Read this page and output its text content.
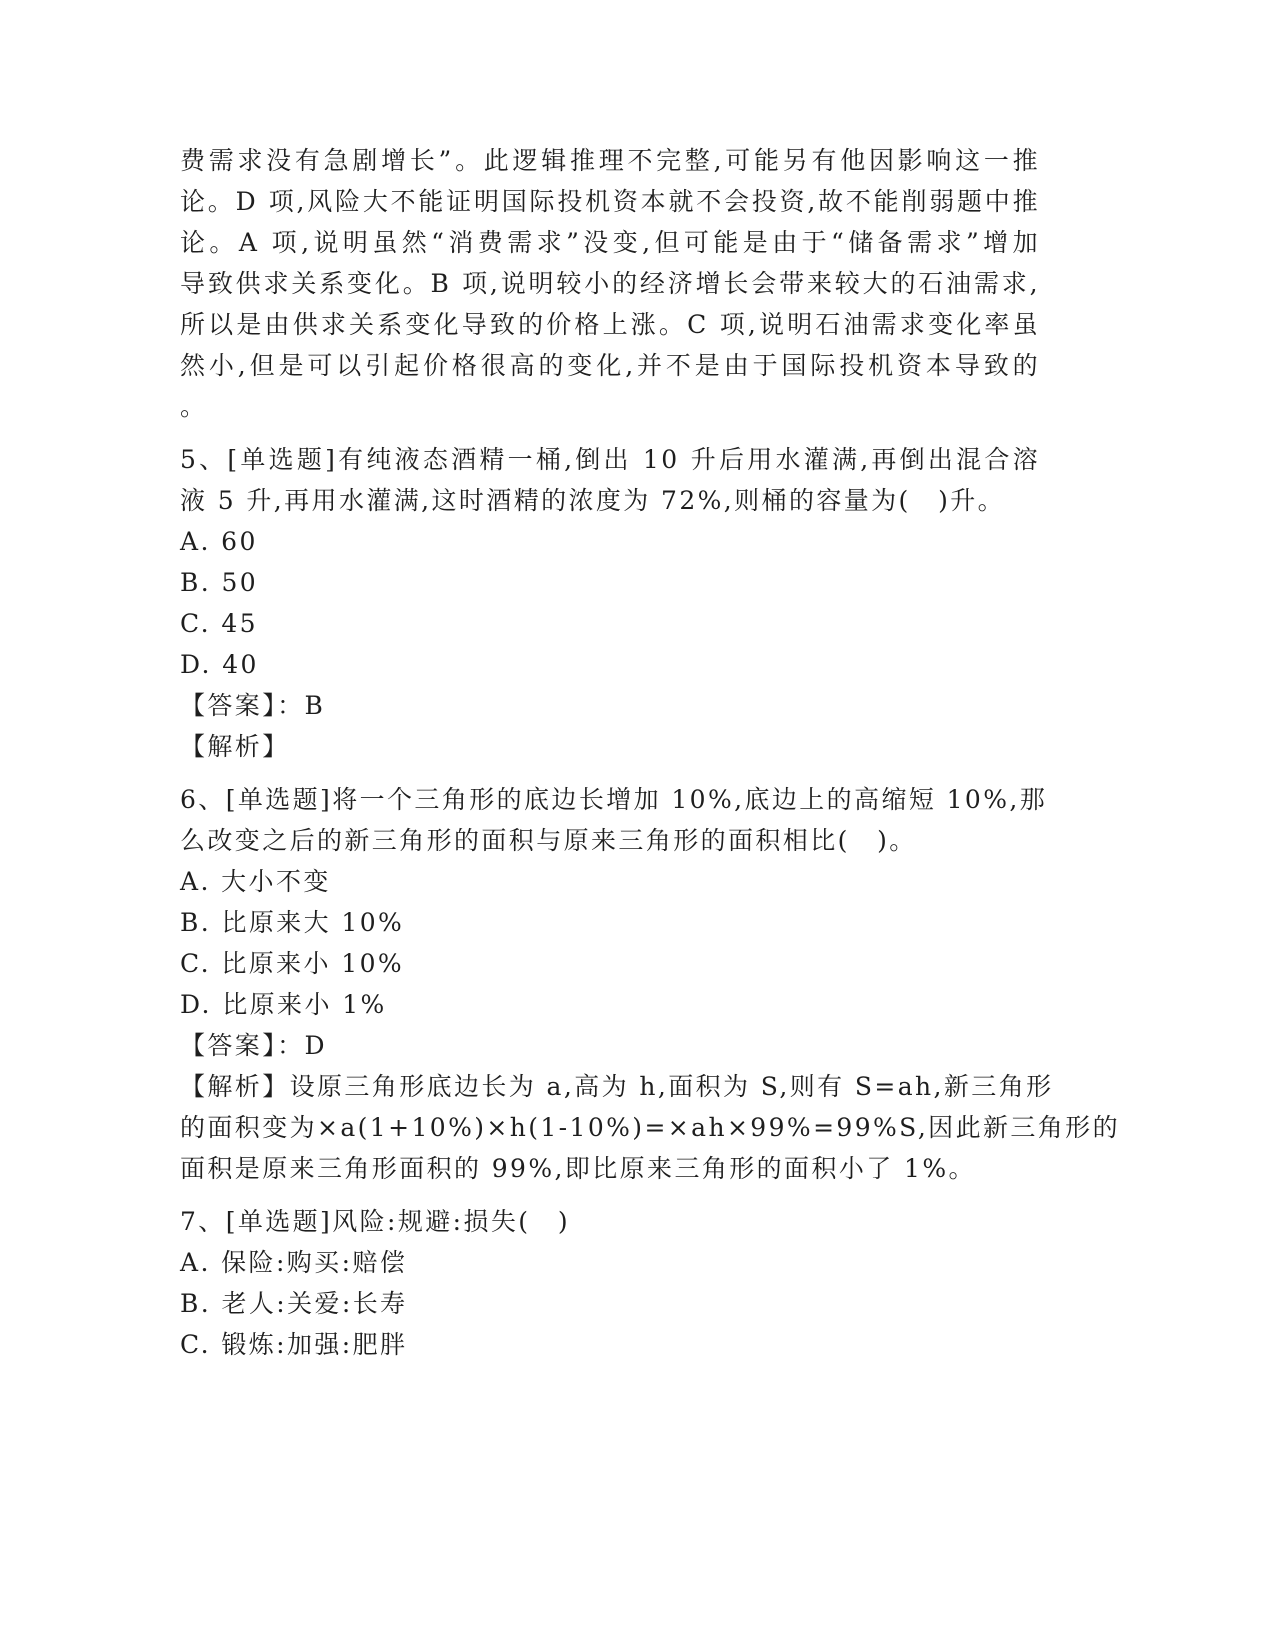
费需求没有急剧增长”。此逻辑推理不完整,可能另有他因影响这一推
论。D 项,风险大不能证明国际投机资本就不会投资,故不能削弱题中推
论。A 项,说明虽然“消费需求”没变,但可能是由于“储备需求”增加
导致供求关系变化。B 项,说明较小的经济增长会带来较大的石油需求,
所以是由供求关系变化导致的价格上涨。C 项,说明石油需求变化率虽
然小,但是可以引起价格很高的变化,并不是由于国际投机资本导致的
。
5、[单选题]有纯液态酒精一桶,倒出 10 升后用水灌满,再倒出混合溶
液 5 升,再用水灌满,这时酒精的浓度为 72%,则桶的容量为(　)升。
A. 60
B. 50
C. 45
D. 40
【答案】：B
【解析】
6、[单选题]将一个三角形的底边长增加 10%,底边上的高缩短 10%,那
么改变之后的新三角形的面积与原来三角形的面积相比(　)。
A. 大小不变
B. 比原来大 10%
C. 比原来小 10%
D. 比原来小 1%
【答案】：D
【解析】设原三角形底边长为 a,高为 h,面积为 S,则有 S=ah,新三角形
的面积变为×a(1+10%)×h(1-10%)=×ah×99%=99%S,因此新三角形的
面积是原来三角形面积的 99%,即比原来三角形的面积小了 1%。
7、[单选题]风险:规避:损失(　)
A. 保险:购买:赔偿
B. 老人:关爱:长寿
C. 锻炼:加强:肥胖
